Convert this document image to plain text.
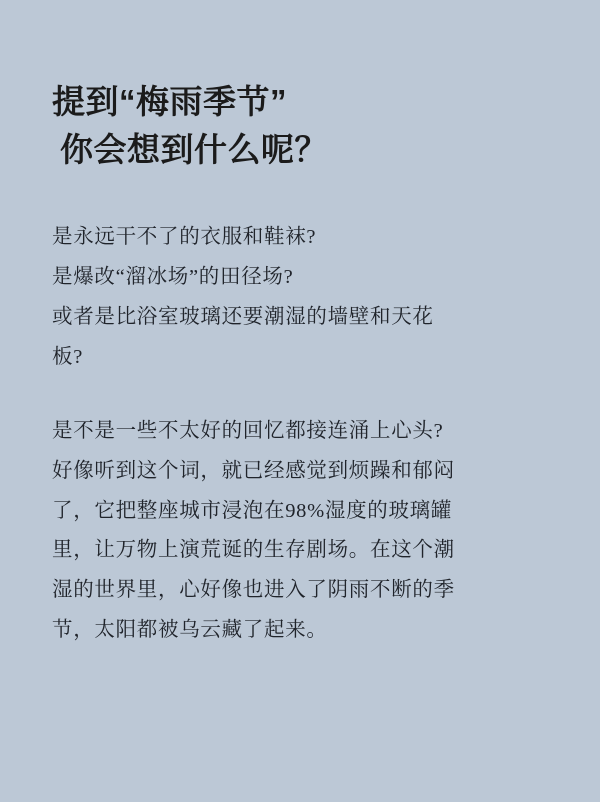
提到“梅雨季节”
你会想到什么呢？

是永远干不了的衣服和鞋袜?
是爆改“溜冰场”的田径场?
或者是比浴室玻璃还要潮湿的墙壁和天花
板?

是不是一些不太好的回忆都接连涌上心头?
好像听到这个词，就已经感觉到烦躁和郁闷
了，它把整座城市浸泡在98%湿度的玻璃罐
里，让万物上演荒诞的生存剧场。在这个潮
湿的世界里，心好像也进入了阴雨不断的季
节，太阳都被乌云藏了起来。
